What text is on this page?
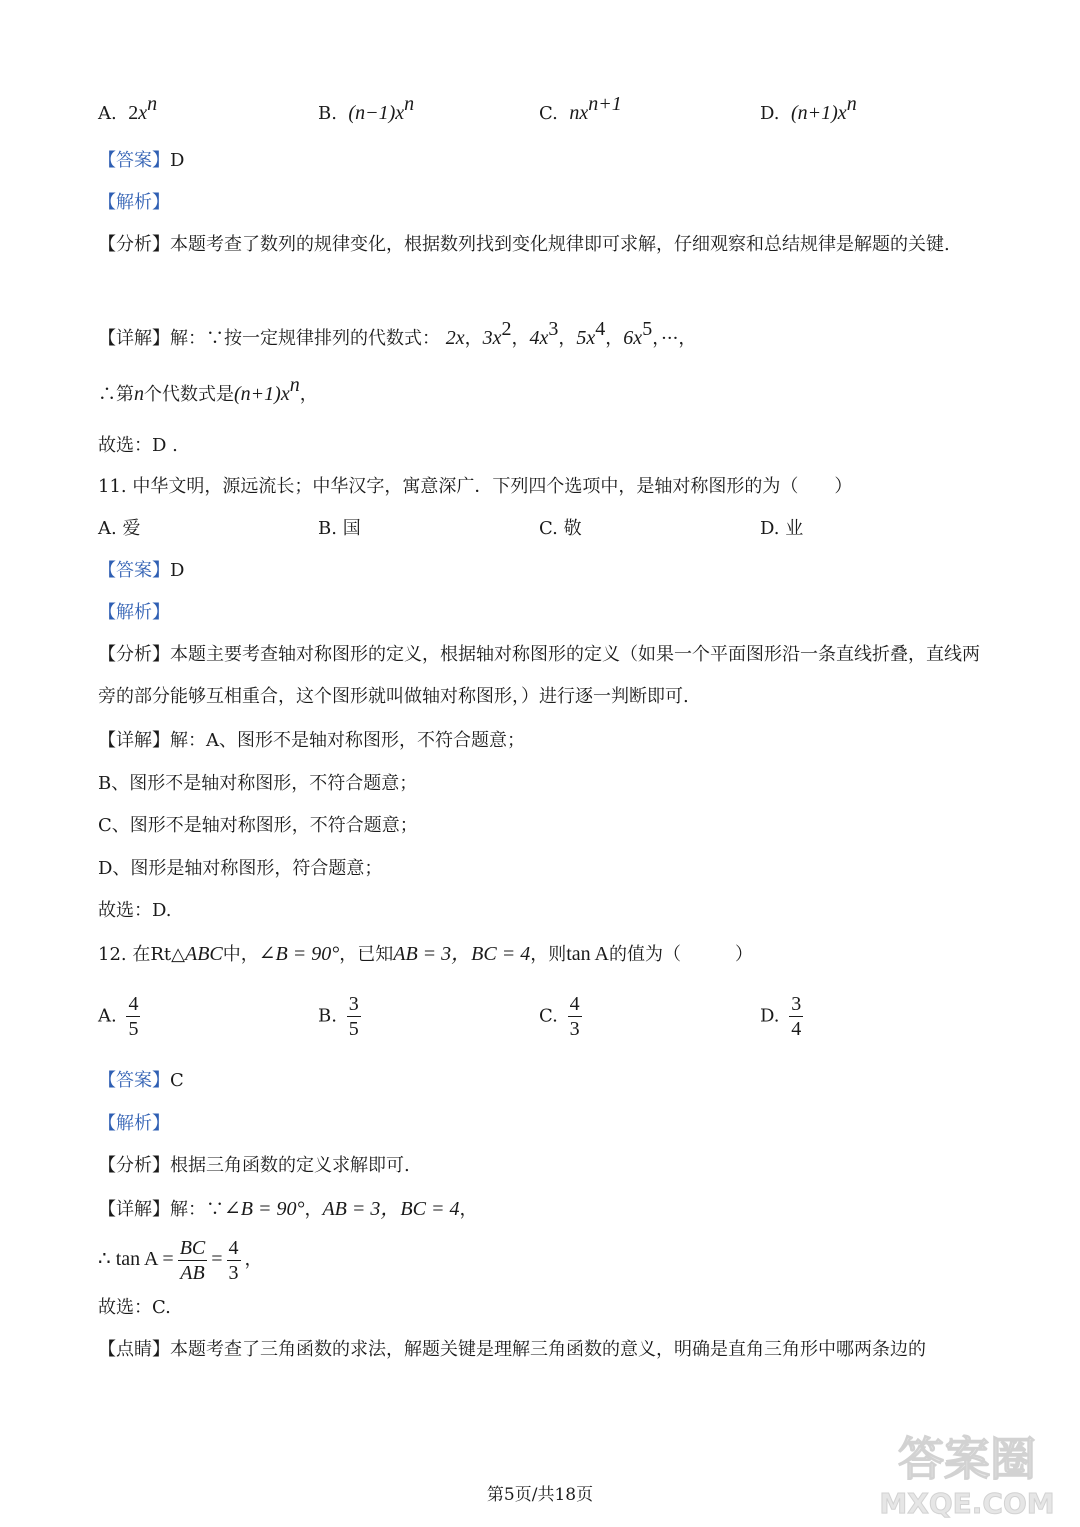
A. $2x^n$	B. $(n-1)x^n$	C. $nx^{n+1}$	D. $(n+1)x^n$
【答案】D
【解析】
【分析】本题考查了数列的规律变化，根据数列找到变化规律即可求解，仔细观察和总结规律是解题的关键.
【详解】解：∵按一定规律排列的代数式： 2x，$3x^2$，$4x^3$，$5x^4$，$6x^5$，···，
∴第n个代数式是$(n+1)x^n$，
故选：D .
11. 中华文明，源远流长；中华汉字，寓意深广．下列四个选项中，是轴对称图形的为（　　）
A. 爱	B. 国	C. 敬	D. 业
【答案】D
【解析】
【分析】本题主要考查轴对称图形的定义，根据轴对称图形的定义（如果一个平面图形沿一条直线折叠，直线两旁的部分能够互相重合，这个图形就叫做轴对称图形，）进行逐一判断即可.
【详解】解：A、图形不是轴对称图形，不符合题意；
B、图形不是轴对称图形，不符合题意；
C、图形不是轴对称图形，不符合题意；
D、图形是轴对称图形，符合题意；
故选：D.
12. 在Rt△ABC中，∠B = 90°，已知AB = 3，BC = 4，则tan A的值为（　　　）
A. $\frac{4}{5}$	B. $\frac{3}{5}$	C. $\frac{4}{3}$	D. $\frac{3}{4}$
【答案】C
【解析】
【分析】根据三角函数的定义求解即可.
【详解】解：∵∠B = 90°，AB = 3，BC = 4，
∴ $\tan A = \frac{BC}{AB} = \frac{4}{3}$ ，
故选：C.
【点睛】本题考查了三角函数的求法，解题关键是理解三角函数的意义，明确是直角三角形中哪两条边的
第5页/共18页
答案圈
MXQE.COM
